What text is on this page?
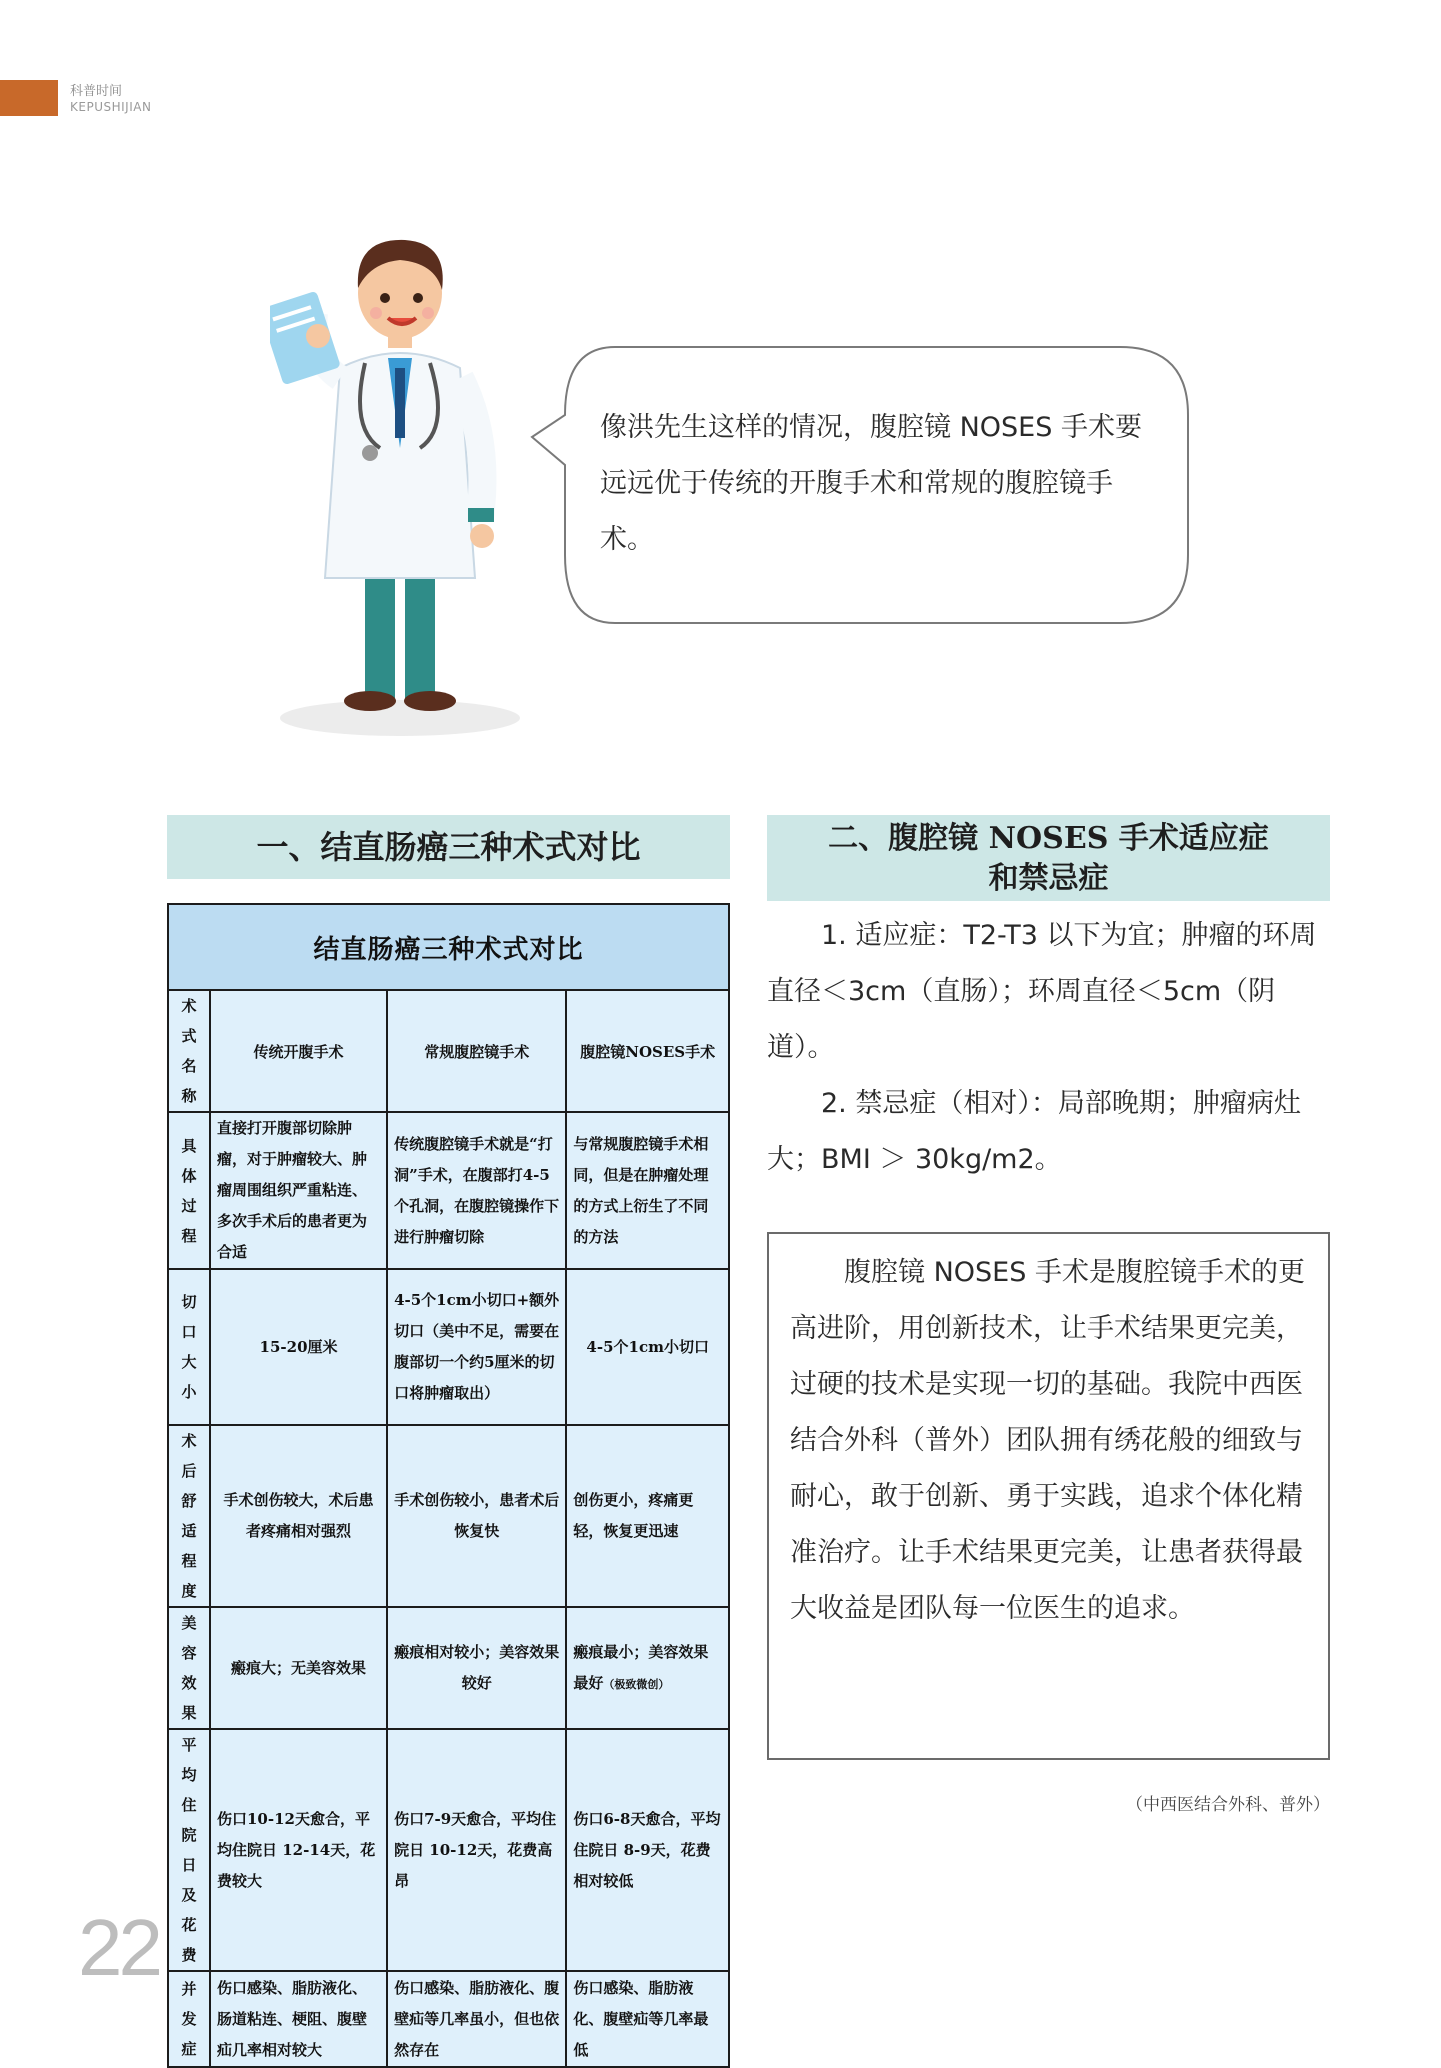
科普时间
KEPUSHIJIAN
像洪先生这样的情况，腹腔镜 NOSES 手术要远远优于传统的开腹手术和常规的腹腔镜手术。
一、结直肠癌三种术式对比	二、腹腔镜 NOSES 手术适应症
和禁忌症
结直肠癌三种术式对比			
术式名称	传统开腹手术	常规腹腔镜手术	腹腔镜NOSES手术
具体过程	直接打开腹部切除肿瘤，对于肿瘤较大、肿瘤周围组织严重粘连、多次手术后的患者更为合适	传统腹腔镜手术就是“打洞”手术，在腹部打4-5个孔洞，在腹腔镜操作下进行肿瘤切除	与常规腹腔镜手术相同，但是在肿瘤处理的方式上衍生了不同的方法
切口大小	15-20厘米	4-5个1cm小切口+额外切口（美中不足，需要在腹部切一个约5厘米的切口将肿瘤取出）	4-5个1cm小切口
术后舒适程度	手术创伤较大，术后患者疼痛相对强烈	手术创伤较小，患者术后恢复快	创伤更小，疼痛更轻，恢复更迅速
美容效果	瘢痕大；无美容效果	瘢痕相对较小；美容效果较好	瘢痕最小；美容效果最好（极致微创）
平均住院日及花费	伤口10-12天愈合，平均住院日 12-14天，花费较大	伤口7-9天愈合，平均住院日 10-12天，花费高昂	伤口6-8天愈合，平均住院日 8-9天，花费相对较低
并发症	伤口感染、脂肪液化、肠道粘连、梗阻、腹壁疝几率相对较大	伤口感染、脂肪液化、腹壁疝等几率虽小，但也依然存在	伤口感染、脂肪液化、腹壁疝等几率最低

1. 适应症：T2-T3 以下为宜；肿瘤的环周直径＜3cm（直肠）；环周直径＜5cm（阴道）。

2. 禁忌症（相对）：局部晚期；肿瘤病灶大；BMI ＞ 30kg/m2。

腹腔镜 NOSES 手术是腹腔镜手术的更高进阶，用创新技术，让手术结果更完美，过硬的技术是实现一切的基础。我院中西医结合外科（普外）团队拥有绣花般的细致与耐心，敢于创新、勇于实践，追求个体化精准治疗。让手术结果更完美，让患者获得最大收益是团队每一位医生的追求。
（中西医结合外科、普外）
22
